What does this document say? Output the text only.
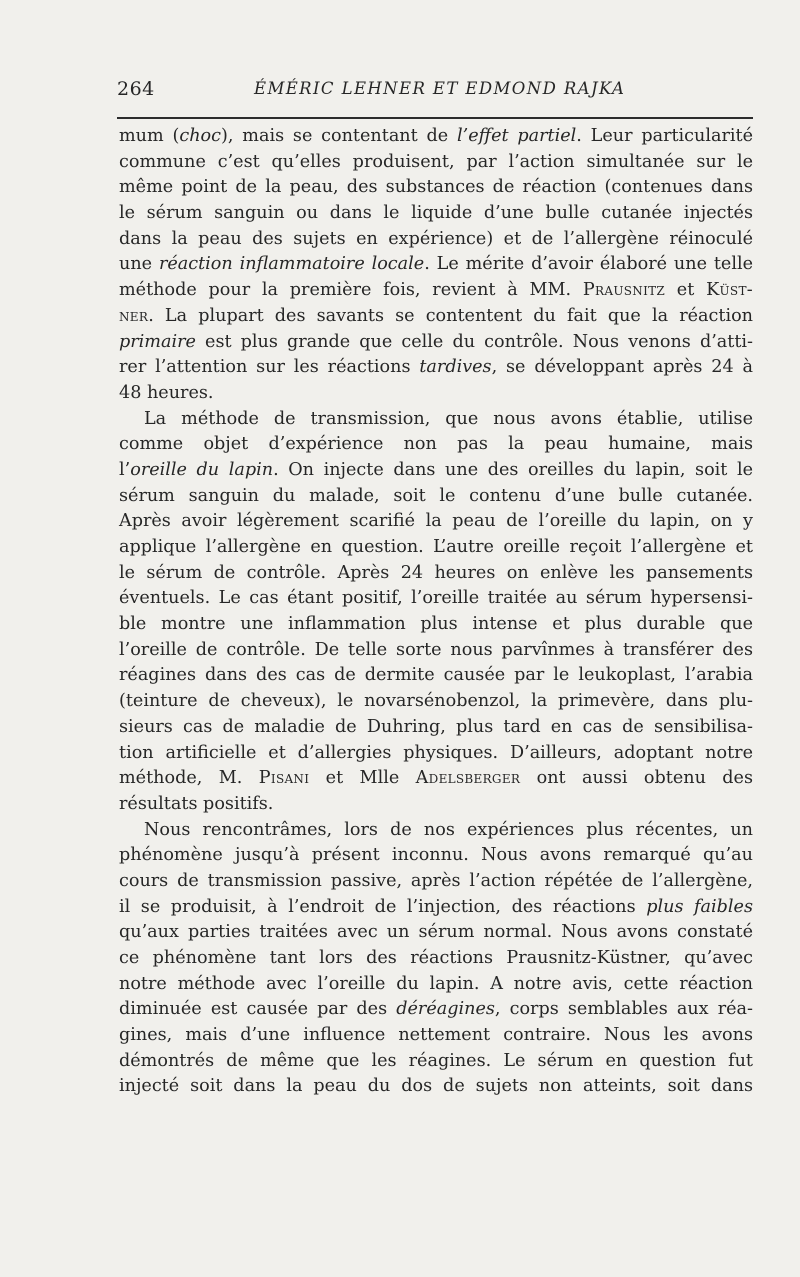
264	ÉMÉRIC LEHNER ET EDMOND RAJKA
mum (choc), mais se contentant de l’effet partiel. Leur particularité
commune c’est qu’elles produisent, par l’action simultanée sur le
même point de la peau, des substances de réaction (contenues dans
le sérum sanguin ou dans le liquide d’une bulle cutanée injectés
dans la peau des sujets en expérience) et de l’allergène réinoculé
une réaction inflammatoire locale. Le mérite d’avoir élaboré une telle
méthode pour la première fois, revient à MM. Prausnitz et Küst-
ner. La plupart des savants se contentent du fait que la réaction
primaire est plus grande que celle du contrôle. Nous venons d’atti-
rer l’attention sur les réactions tardives, se développant après 24 à
48 heures.
La méthode de transmission, que nous avons établie, utilise
comme objet d’expérience non pas la peau humaine, mais
l’oreille du lapin. On injecte dans une des oreilles du lapin, soit le
sérum sanguin du malade, soit le contenu d’une bulle cutanée.
Après avoir légèrement scarifié la peau de l’oreille du lapin, on y
applique l’allergène en question. L’autre oreille reçoit l’allergène et
le sérum de contrôle. Après 24 heures on enlève les pansements
éventuels. Le cas étant positif, l’oreille traitée au sérum hypersensi-
ble montre une inflammation plus intense et plus durable que
l’oreille de contrôle. De telle sorte nous parvînmes à transférer des
réagines dans des cas de dermite causée par le leukoplast, l’arabia
(teinture de cheveux), le novarsénobenzol, la primevère, dans plu-
sieurs cas de maladie de Duhring, plus tard en cas de sensibilisa-
tion artificielle et d’allergies physiques. D’ailleurs, adoptant notre
méthode, M. Pisani et Mlle Adelsberger ont aussi obtenu des
résultats positifs.
Nous rencontrâmes, lors de nos expériences plus récentes, un
phénomène jusqu’à présent inconnu. Nous avons remarqué qu’au
cours de transmission passive, après l’action répétée de l’allergène,
il se produisit, à l’endroit de l’injection, des réactions plus faibles
qu’aux parties traitées avec un sérum normal. Nous avons constaté
ce phénomène tant lors des réactions Prausnitz-Küstner, qu’avec
notre méthode avec l’oreille du lapin. A notre avis, cette réaction
diminuée est causée par des déréagines, corps semblables aux réa-
gines, mais d’une influence nettement contraire. Nous les avons
démontrés de même que les réagines. Le sérum en question fut
injecté soit dans la peau du dos de sujets non atteints, soit dans
